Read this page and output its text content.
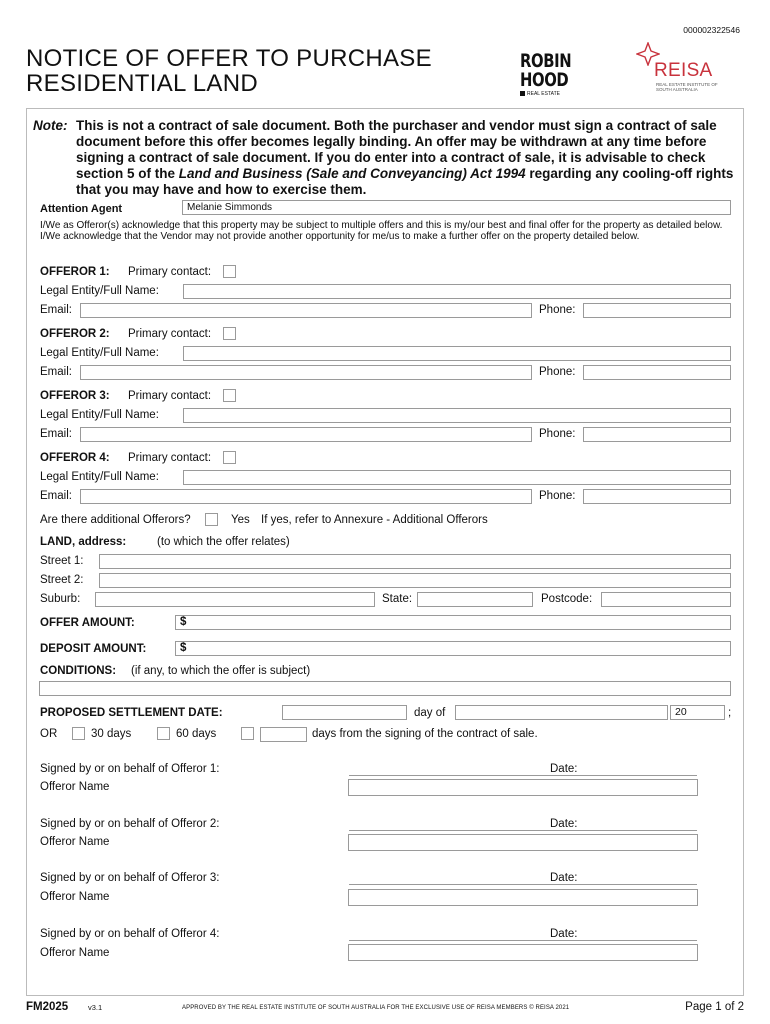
000002322546
NOTICE OF OFFER TO PURCHASE
RESIDENTIAL LAND
ROBIN
HOOD
REAL ESTATE
REISA
REAL ESTATE INSTITUTE OF SOUTH AUSTRALIA
Note: This is not a contract of sale document. Both the purchaser and vendor must sign a contract of sale document before this offer becomes legally binding. An offer may be withdrawn at any time before signing a contract of sale document. If you do enter into a contract of sale, it is advisable to check section 5 of the Land and Business (Sale and Conveyancing) Act 1994 regarding any cooling-off rights that you may have and how to exercise them.
Attention Agent	Melanie Simmonds
I/We as Offeror(s) acknowledge that this property may be subject to multiple offers and this is my/our best and final offer for the property as detailed below. I/We acknowledge that the Vendor may not provide another opportunity for me/us to make a further offer on the property detailed below.
OFFEROR 1: Primary contact:
Legal Entity/Full Name:
Email:	Phone:
OFFEROR 2: Primary contact:
Legal Entity/Full Name:
Email:	Phone:
OFFEROR 3: Primary contact:
Legal Entity/Full Name:
Email:	Phone:
OFFEROR 4: Primary contact:
Legal Entity/Full Name:
Email:	Phone:
Are there additional Offerors?	Yes If yes, refer to Annexure - Additional Offerors
LAND, address:	(to which the offer relates)
Street 1:
Street 2:
Suburb:	State:	Postcode:
OFFER AMOUNT:	$
DEPOSIT AMOUNT:	$
CONDITIONS: (if any, to which the offer is subject)
PROPOSED SETTLEMENT DATE:	day of	20	;
OR	30 days	60 days	days from the signing of the contract of sale.
Signed by or on behalf of Offeror 1:	Date:
Offeror Name
Signed by or on behalf of Offeror 2:	Date:
Offeror Name
Signed by or on behalf of Offeror 3:	Date:
Offeror Name
Signed by or on behalf of Offeror 4:	Date:
Offeror Name
FM2025	v3.1	APPROVED BY THE REAL ESTATE INSTITUTE OF SOUTH AUSTRALIA FOR THE EXCLUSIVE USE OF REISA MEMBERS © REISA 2021	Page 1 of 2
